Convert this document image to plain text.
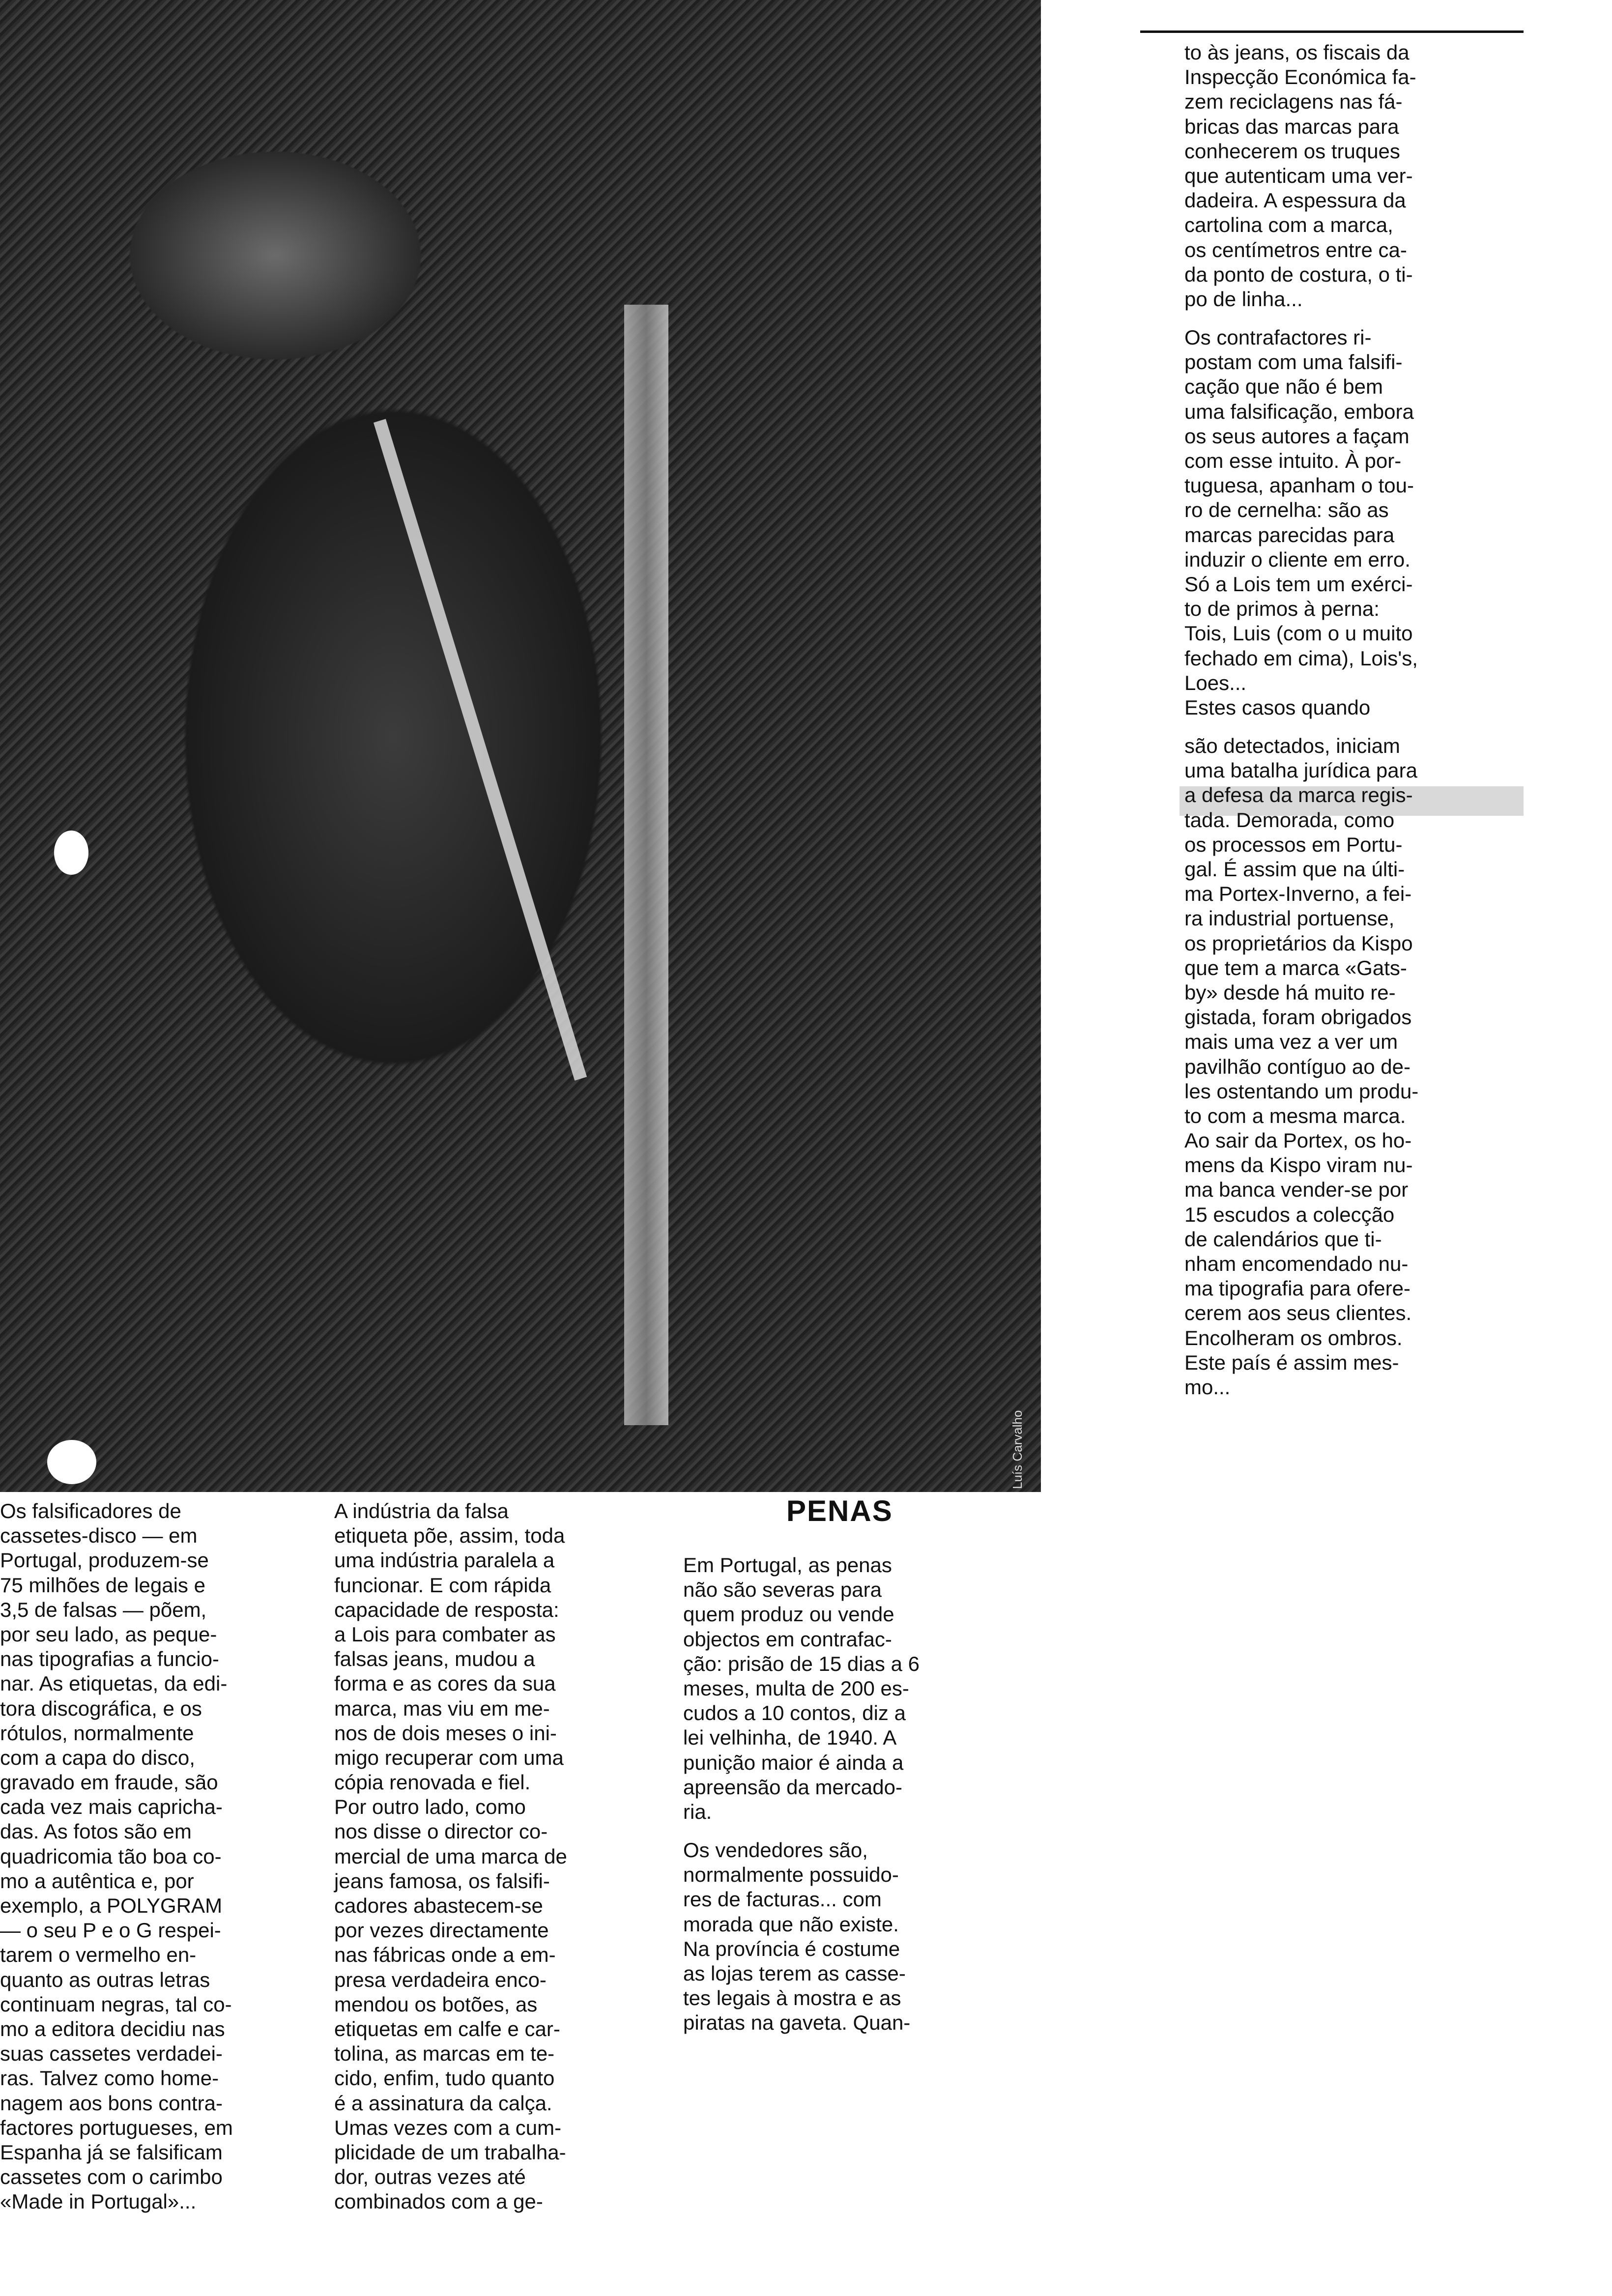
Luís Carvalho
Os falsificadores de
cassetes-disco — em
Portugal, produzem-se
75 milhões de legais e
3,5 de falsas — põem,
por seu lado, as peque-
nas tipografias a funcio-
nar. As etiquetas, da edi-
tora discográfica, e os
rótulos, normalmente
com a capa do disco,
gravado em fraude, são
cada vez mais capricha-
das. As fotos são em
quadricomia tão boa co-
mo a autêntica e, por
exemplo, a POLYGRAM
— o seu P e o G respei-
tarem o vermelho en-
quanto as outras letras
continuam negras, tal co-
mo a editora decidiu nas
suas cassetes verdadei-
ras. Talvez como home-
nagem aos bons contra-
factores portugueses, em
Espanha já se falsificam
cassetes com o carimbo
«Made in Portugal»...
A indústria da falsa
etiqueta põe, assim, toda
uma indústria paralela a
funcionar. E com rápida
capacidade de resposta:
a Lois para combater as
falsas jeans, mudou a
forma e as cores da sua
marca, mas viu em me-
nos de dois meses o ini-
migo recuperar com uma
cópia renovada e fiel.
Por outro lado, como
nos disse o director co-
mercial de uma marca de
jeans famosa, os falsifi-
cadores abastecem-se
por vezes directamente
nas fábricas onde a em-
presa verdadeira enco-
mendou os botões, as
etiquetas em calfe e car-
tolina, as marcas em te-
cido, enfim, tudo quanto
é a assinatura da calça.
Umas vezes com a cum-
plicidade de um trabalha-
dor, outras vezes até
combinados com a ge-
PENAS
Em Portugal, as penas
não são severas para
quem produz ou vende
objectos em contrafac-
ção: prisão de 15 dias a 6
meses, multa de 200 es-
cudos a 10 contos, diz a
lei velhinha, de 1940. A
punição maior é ainda a
apreensão da mercado-
ria.
Os vendedores são,
normalmente possuido-
res de facturas... com
morada que não existe.
Na província é costume
as lojas terem as casse-
tes legais à mostra e as
piratas na gaveta. Quan-
to às jeans, os fiscais da
Inspecção Económica fa-
zem reciclagens nas fá-
bricas das marcas para
conhecerem os truques
que autenticam uma ver-
dadeira. A espessura da
cartolina com a marca,
os centímetros entre ca-
da ponto de costura, o ti-
po de linha...
Os contrafactores ri-
postam com uma falsifi-
cação que não é bem
uma falsificação, embora
os seus autores a façam
com esse intuito. À por-
tuguesa, apanham o tou-
ro de cernelha: são as
marcas parecidas para
induzir o cliente em erro.
Só a Lois tem um exérci-
to de primos à perna:
Tois, Luis (com o u muito
fechado em cima), Lois's,
Loes...
Estes casos quando
são detectados, iniciam
uma batalha jurídica para
a defesa da marca regis-
tada. Demorada, como
os processos em Portu-
gal. É assim que na últi-
ma Portex-Inverno, a fei-
ra industrial portuense,
os proprietários da Kispo
que tem a marca «Gats-
by» desde há muito re-
gistada, foram obrigados
mais uma vez a ver um
pavilhão contíguo ao de-
les ostentando um produ-
to com a mesma marca.
Ao sair da Portex, os ho-
mens da Kispo viram nu-
ma banca vender-se por
15 escudos a colecção
de calendários que ti-
nham encomendado nu-
ma tipografia para ofere-
cerem aos seus clientes.
Encolheram os ombros.
Este país é assim mes-
mo...
